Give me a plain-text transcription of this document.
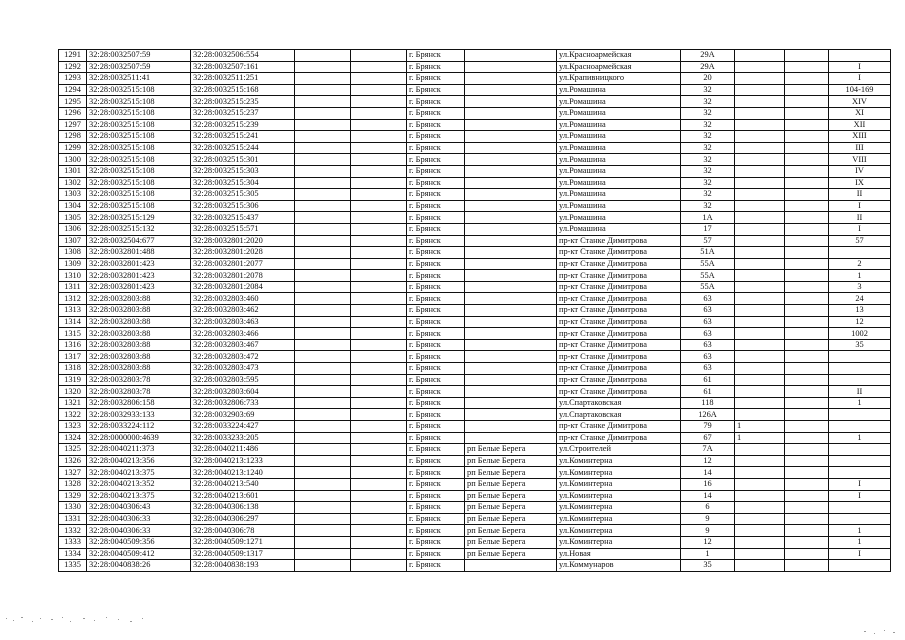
1291	32:28:0032507:59	32:28:0032506:554			г. Брянск		ул.Красноармейская	29А			
1292	32:28:0032507:59	32:28:0032507:161			г. Брянск		ул.Красноармейская	29А			I
1293	32:28:0032511:41	32:28:0032511:251			г. Брянск		ул.Крапивницкого	20			I
1294	32:28:0032515:108	32:28:0032515:168			г. Брянск		ул.Ромашина	32			104-169
1295	32:28:0032515:108	32:28:0032515:235			г. Брянск		ул.Ромашина	32			XIV
1296	32:28:0032515:108	32:28:0032515:237			г. Брянск		ул.Ромашина	32			XI
1297	32:28:0032515:108	32:28:0032515:239			г. Брянск		ул.Ромашина	32			XII
1298	32:28:0032515:108	32:28:0032515:241			г. Брянск		ул.Ромашина	32			XIII
1299	32:28:0032515:108	32:28:0032515:244			г. Брянск		ул.Ромашина	32			III
1300	32:28:0032515:108	32:28:0032515:301			г. Брянск		ул.Ромашина	32			VIII
1301	32:28:0032515:108	32:28:0032515:303			г. Брянск		ул.Ромашина	32			IV
1302	32:28:0032515:108	32:28:0032515:304			г. Брянск		ул.Ромашина	32			IX
1303	32:28:0032515:108	32:28:0032515:305			г. Брянск		ул.Ромашина	32			II
1304	32:28:0032515:108	32:28:0032515:306			г. Брянск		ул.Ромашина	32			I
1305	32:28:0032515:129	32:28:0032515:437			г. Брянск		ул.Ромашина	1А			II
1306	32:28:0032515:132	32:28:0032515:571			г. Брянск		ул.Ромашина	17			I
1307	32:28:0032504:677	32:28:0032801:2020			г. Брянск		пр-кт Станке Димитрова	57			57
1308	32:28:0032801:488	32:28:0032801:2028			г. Брянск		пр-кт Станке Димитрова	51А			
1309	32:28:0032801:423	32:28:0032801:2077			г. Брянск		пр-кт Станке Димитрова	55А			2
1310	32:28:0032801:423	32:28:0032801:2078			г. Брянск		пр-кт Станке Димитрова	55А			1
1311	32:28:0032801:423	32:28:0032801:2084			г. Брянск		пр-кт Станке Димитрова	55А			3
1312	32:28:0032803:88	32:28:0032803:460			г. Брянск		пр-кт Станке Димитрова	63			24
1313	32:28:0032803:88	32:28:0032803:462			г. Брянск		пр-кт Станке Димитрова	63			13
1314	32:28:0032803:88	32:28:0032803:463			г. Брянск		пр-кт Станке Димитрова	63			12
1315	32:28:0032803:88	32:28:0032803:466			г. Брянск		пр-кт Станке Димитрова	63			1002
1316	32:28:0032803:88	32:28:0032803:467			г. Брянск		пр-кт Станке Димитрова	63			35
1317	32:28:0032803:88	32:28:0032803:472			г. Брянск		пр-кт Станке Димитрова	63			
1318	32:28:0032803:88	32:28:0032803:473			г. Брянск		пр-кт Станке Димитрова	63			
1319	32:28:0032803:78	32:28:0032803:595			г. Брянск		пр-кт Станке Димитрова	61			
1320	32:28:0032803:78	32:28:0032803:604			г. Брянск		пр-кт Станке Димитрова	61			II
1321	32:28:0032806:158	32:28:0032806:733			г. Брянск		ул.Спартаковская	118			1
1322	32:28:0032933:133	32:28:0032903:69			г. Брянск		ул.Спартаковская	126А			
1323	32:28:0033224:112	32:28:0033224:427			г. Брянск		пр-кт Станке Димитрова	79	1		
1324	32:28:0000000:4639	32:28:0033233:205			г. Брянск		пр-кт Станке Димитрова	67	1		1
1325	32:28:0040211:373	32:28:0040211:486			г. Брянск	рп Белые Берега	ул.Строителей	7А			
1326	32:28:0040213:356	32:28:0040213:1233			г. Брянск	рп Белые Берега	ул.Коминтерна	12			
1327	32:28:0040213:375	32:28:0040213:1240			г. Брянск	рп Белые Берега	ул.Коминтерна	14			
1328	32:28:0040213:352	32:28:0040213:540			г. Брянск	рп Белые Берега	ул.Коминтерна	16			I
1329	32:28:0040213:375	32:28:0040213:601			г. Брянск	рп Белые Берега	ул.Коминтерна	14			I
1330	32:28:0040306:43	32:28:0040306:138			г. Брянск	рп Белые Берега	ул.Коминтерна	6			
1331	32:28:0040306:33	32:28:0040306:297			г. Брянск	рп Белые Берега	ул.Коминтерна	9			
1332	32:28:0040306:33	32:28:0040306:78			г. Брянск	рп Белые Берега	ул.Коминтерна	9			1
1333	32:28:0040509:356	32:28:0040509:1271			г. Брянск	рп Белые Берега	ул.Коминтерна	12			1
1334	32:28:0040509:412	32:28:0040509:1317			г. Брянск	рп Белые Берега	ул.Новая	1			I
1335	32:28:0040838:26	32:28:0040838:193			г. Брянск		ул.Коммунаров	35			
